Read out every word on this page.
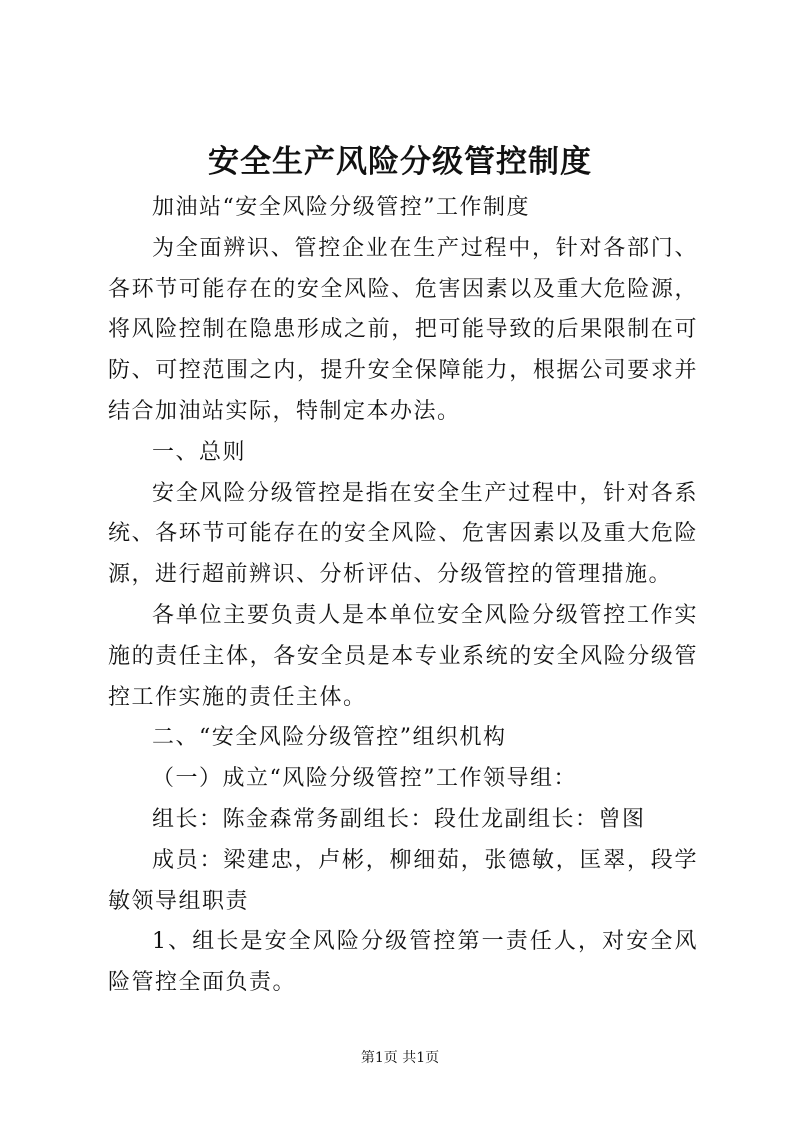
安全生产风险分级管控制度

加油站“安全风险分级管控”工作制度

为全面辨识、管控企业在生产过程中，针对各部门、各环节可能存在的安全风险、危害因素以及重大危险源，将风险控制在隐患形成之前，把可能导致的后果限制在可防、可控范围之内，提升安全保障能力，根据公司要求并结合加油站实际，特制定本办法。

一、总则

安全风险分级管控是指在安全生产过程中，针对各系统、各环节可能存在的安全风险、危害因素以及重大危险源，进行超前辨识、分析评估、分级管控的管理措施。

各单位主要负责人是本单位安全风险分级管控工作实施的责任主体，各安全员是本专业系统的安全风险分级管控工作实施的责任主体。

二、“安全风险分级管控”组织机构

（一）成立“风险分级管控”工作领导组：

组长：陈金森常务副组长：段仕龙副组长：曾图

成员：梁建忠，卢彬，柳细茹，张德敏，匡翠，段学敏领导组职责

1、组长是安全风险分级管控第一责任人，对安全风险管控全面负责。

第1页 共1页
